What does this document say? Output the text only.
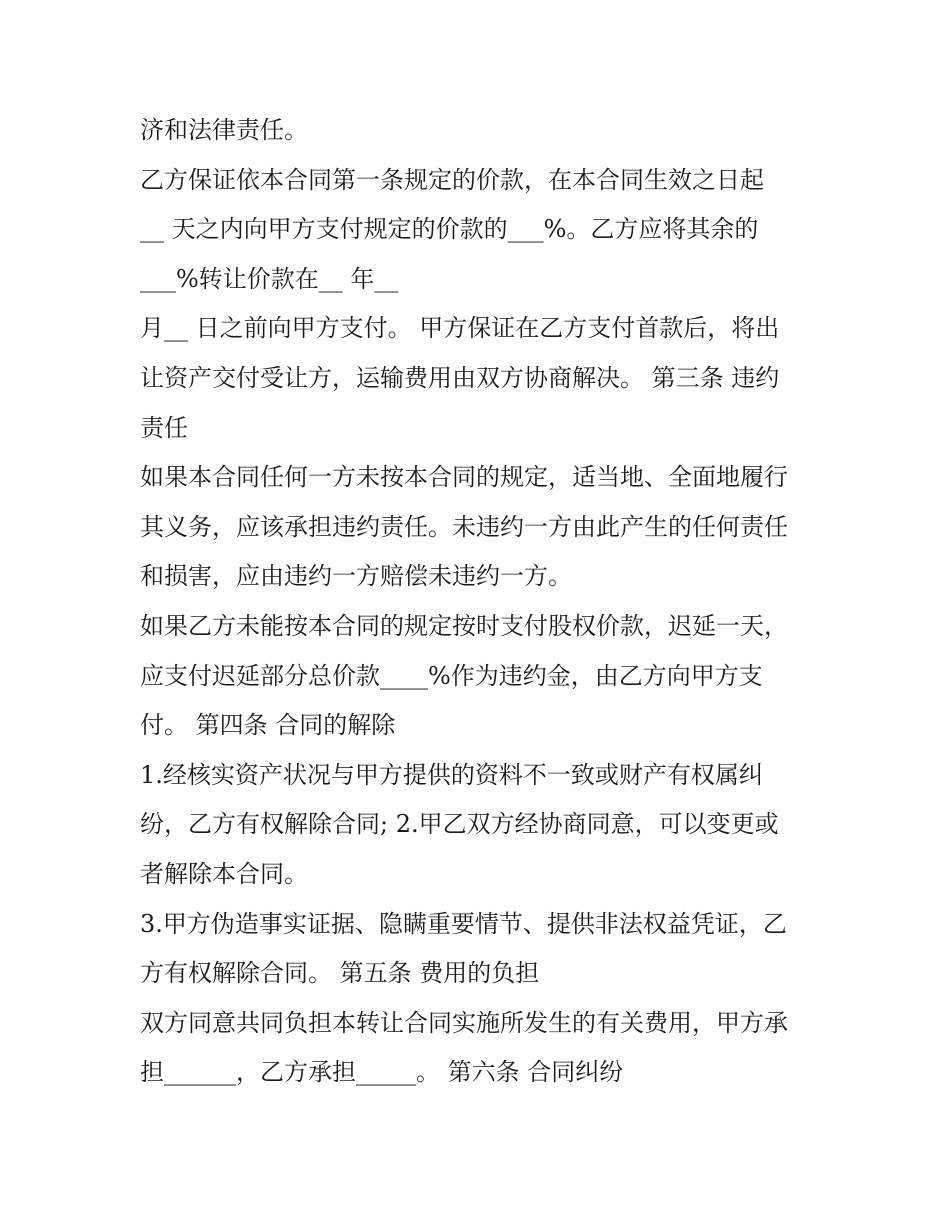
济和法律责任。
乙方保证依本合同第一条规定的价款，在本合同生效之日起
__ 天之内向甲方支付规定的价款的___%。乙方应将其余的
___%转让价款在__ 年__
月__ 日之前向甲方支付。 甲方保证在乙方支付首款后，将出
让资产交付受让方，运输费用由双方协商解决。 第三条 违约
责任
如果本合同任何一方未按本合同的规定，适当地、全面地履行
其义务，应该承担违约责任。未违约一方由此产生的任何责任
和损害，应由违约一方赔偿未违约一方。
如果乙方未能按本合同的规定按时支付股权价款，迟延一天，
应支付迟延部分总价款____%作为违约金，由乙方向甲方支
付。 第四条 合同的解除
1.经核实资产状况与甲方提供的资料不一致或财产有权属纠
纷，乙方有权解除合同; 2.甲乙双方经协商同意，可以变更或
者解除本合同。
3.甲方伪造事实证据、隐瞒重要情节、提供非法权益凭证，乙
方有权解除合同。 第五条 费用的负担
双方同意共同负担本转让合同实施所发生的有关费用，甲方承
担______，乙方承担_____。 第六条 合同纠纷
